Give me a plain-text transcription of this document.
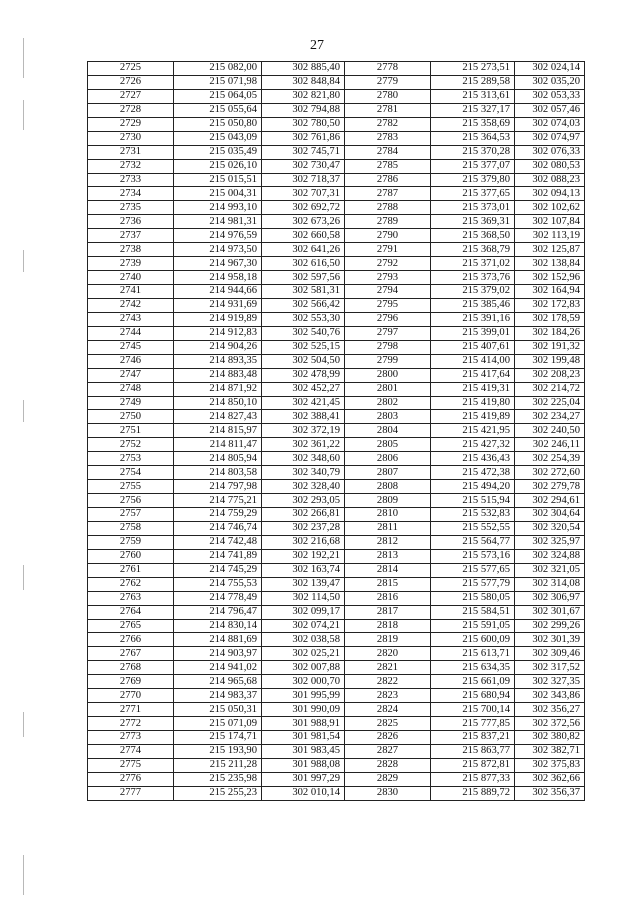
27
2725	215 082,00	302 885,40	2778	215 273,51	302 024,14
2726	215 071,98	302 848,84	2779	215 289,58	302 035,20
2727	215 064,05	302 821,80	2780	215 313,61	302 053,33
2728	215 055,64	302 794,88	2781	215 327,17	302 057,46
2729	215 050,80	302 780,50	2782	215 358,69	302 074,03
2730	215 043,09	302 761,86	2783	215 364,53	302 074,97
2731	215 035,49	302 745,71	2784	215 370,28	302 076,33
2732	215 026,10	302 730,47	2785	215 377,07	302 080,53
2733	215 015,51	302 718,37	2786	215 379,80	302 088,23
2734	215 004,31	302 707,31	2787	215 377,65	302 094,13
2735	214 993,10	302 692,72	2788	215 373,01	302 102,62
2736	214 981,31	302 673,26	2789	215 369,31	302 107,84
2737	214 976,59	302 660,58	2790	215 368,50	302 113,19
2738	214 973,50	302 641,26	2791	215 368,79	302 125,87
2739	214 967,30	302 616,50	2792	215 371,02	302 138,84
2740	214 958,18	302 597,56	2793	215 373,76	302 152,96
2741	214 944,66	302 581,31	2794	215 379,02	302 164,94
2742	214 931,69	302 566,42	2795	215 385,46	302 172,83
2743	214 919,89	302 553,30	2796	215 391,16	302 178,59
2744	214 912,83	302 540,76	2797	215 399,01	302 184,26
2745	214 904,26	302 525,15	2798	215 407,61	302 191,32
2746	214 893,35	302 504,50	2799	215 414,00	302 199,48
2747	214 883,48	302 478,99	2800	215 417,64	302 208,23
2748	214 871,92	302 452,27	2801	215 419,31	302 214,72
2749	214 850,10	302 421,45	2802	215 419,80	302 225,04
2750	214 827,43	302 388,41	2803	215 419,89	302 234,27
2751	214 815,97	302 372,19	2804	215 421,95	302 240,50
2752	214 811,47	302 361,22	2805	215 427,32	302 246,11
2753	214 805,94	302 348,60	2806	215 436,43	302 254,39
2754	214 803,58	302 340,79	2807	215 472,38	302 272,60
2755	214 797,98	302 328,40	2808	215 494,20	302 279,78
2756	214 775,21	302 293,05	2809	215 515,94	302 294,61
2757	214 759,29	302 266,81	2810	215 532,83	302 304,64
2758	214 746,74	302 237,28	2811	215 552,55	302 320,54
2759	214 742,48	302 216,68	2812	215 564,77	302 325,97
2760	214 741,89	302 192,21	2813	215 573,16	302 324,88
2761	214 745,29	302 163,74	2814	215 577,65	302 321,05
2762	214 755,53	302 139,47	2815	215 577,79	302 314,08
2763	214 778,49	302 114,50	2816	215 580,05	302 306,97
2764	214 796,47	302 099,17	2817	215 584,51	302 301,67
2765	214 830,14	302 074,21	2818	215 591,05	302 299,26
2766	214 881,69	302 038,58	2819	215 600,09	302 301,39
2767	214 903,97	302 025,21	2820	215 613,71	302 309,46
2768	214 941,02	302 007,88	2821	215 634,35	302 317,52
2769	214 965,68	302 000,70	2822	215 661,09	302 327,35
2770	214 983,37	301 995,99	2823	215 680,94	302 343,86
2771	215 050,31	301 990,09	2824	215 700,14	302 356,27
2772	215 071,09	301 988,91	2825	215 777,85	302 372,56
2773	215 174,71	301 981,54	2826	215 837,21	302 380,82
2774	215 193,90	301 983,45	2827	215 863,77	302 382,71
2775	215 211,28	301 988,08	2828	215 872,81	302 375,83
2776	215 235,98	301 997,29	2829	215 877,33	302 362,66
2777	215 255,23	302 010,14	2830	215 889,72	302 356,37
